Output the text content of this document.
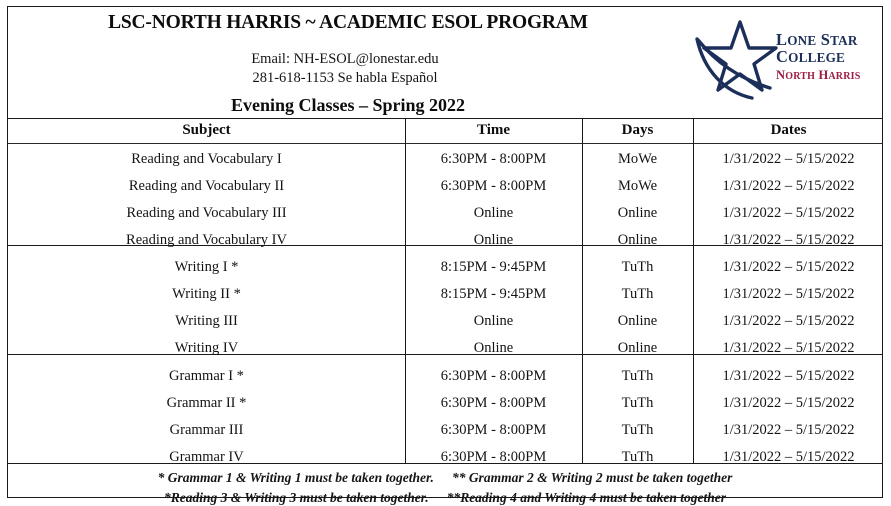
LSC-NORTH HARRIS ~ ACADEMIC ESOL PROGRAM
Email: NH-ESOL@lonestar.edu
281-618-1153 Se habla Español
Evening Classes – Spring 2022
LONE STAR
COLLEGE
NORTH HARRIS
Subject	Time	Days	Dates
Reading and Vocabulary I	6:30PM - 8:00PM	MoWe	1/31/2022 – 5/15/2022
Reading and Vocabulary II	6:30PM - 8:00PM	MoWe	1/31/2022 – 5/15/2022
Reading and Vocabulary III	Online	Online	1/31/2022 – 5/15/2022
Reading and Vocabulary IV	Online	Online	1/31/2022 – 5/15/2022
Writing I *	8:15PM - 9:45PM	TuTh	1/31/2022 – 5/15/2022
Writing II *	8:15PM - 9:45PM	TuTh	1/31/2022 – 5/15/2022
Writing III	Online	Online	1/31/2022 – 5/15/2022
Writing IV	Online	Online	1/31/2022 – 5/15/2022
Grammar I *	6:30PM - 8:00PM	TuTh	1/31/2022 – 5/15/2022
Grammar II *	6:30PM - 8:00PM	TuTh	1/31/2022 – 5/15/2022
Grammar III	6:30PM - 8:00PM	TuTh	1/31/2022 – 5/15/2022
Grammar IV	6:30PM - 8:00PM	TuTh	1/31/2022 – 5/15/2022
* Grammar 1 & Writing 1 must be taken together. ** Grammar 2 & Writing 2 must be taken together
*Reading 3 & Writing 3 must be taken together. **Reading 4 and Writing 4 must be taken together
